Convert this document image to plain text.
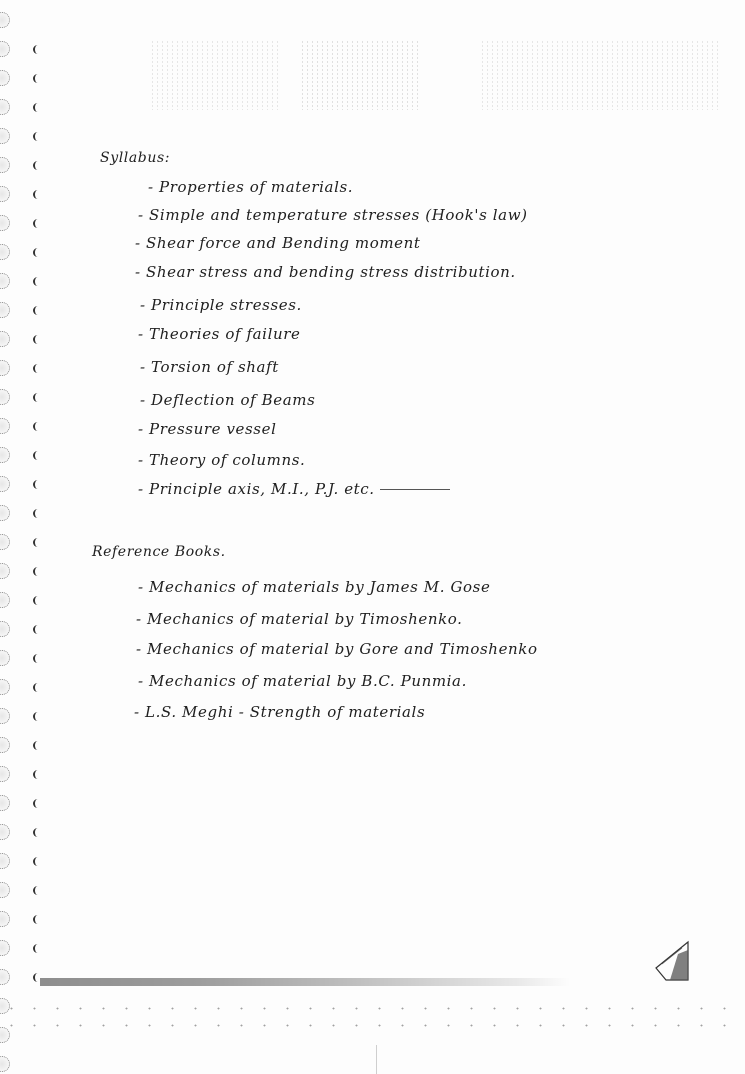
Syllabus:
- Properties of materials.
- Simple and temperature stresses (Hook's law)
- Shear force and Bending moment
- Shear stress and bending stress distribution.
- Principle stresses.
- Theories of failure
- Torsion of shaft
- Deflection of Beams
- Pressure vessel
- Theory of columns.
- Principle axis, M.I., P.J. etc.
Reference Books.
- Mechanics of materials by James M. Gose
- Mechanics of material by Timoshenko.
- Mechanics of material by Gore and Timoshenko
- Mechanics of material by B.C. Punmia.
- L.S. Meghi - Strength of materials
